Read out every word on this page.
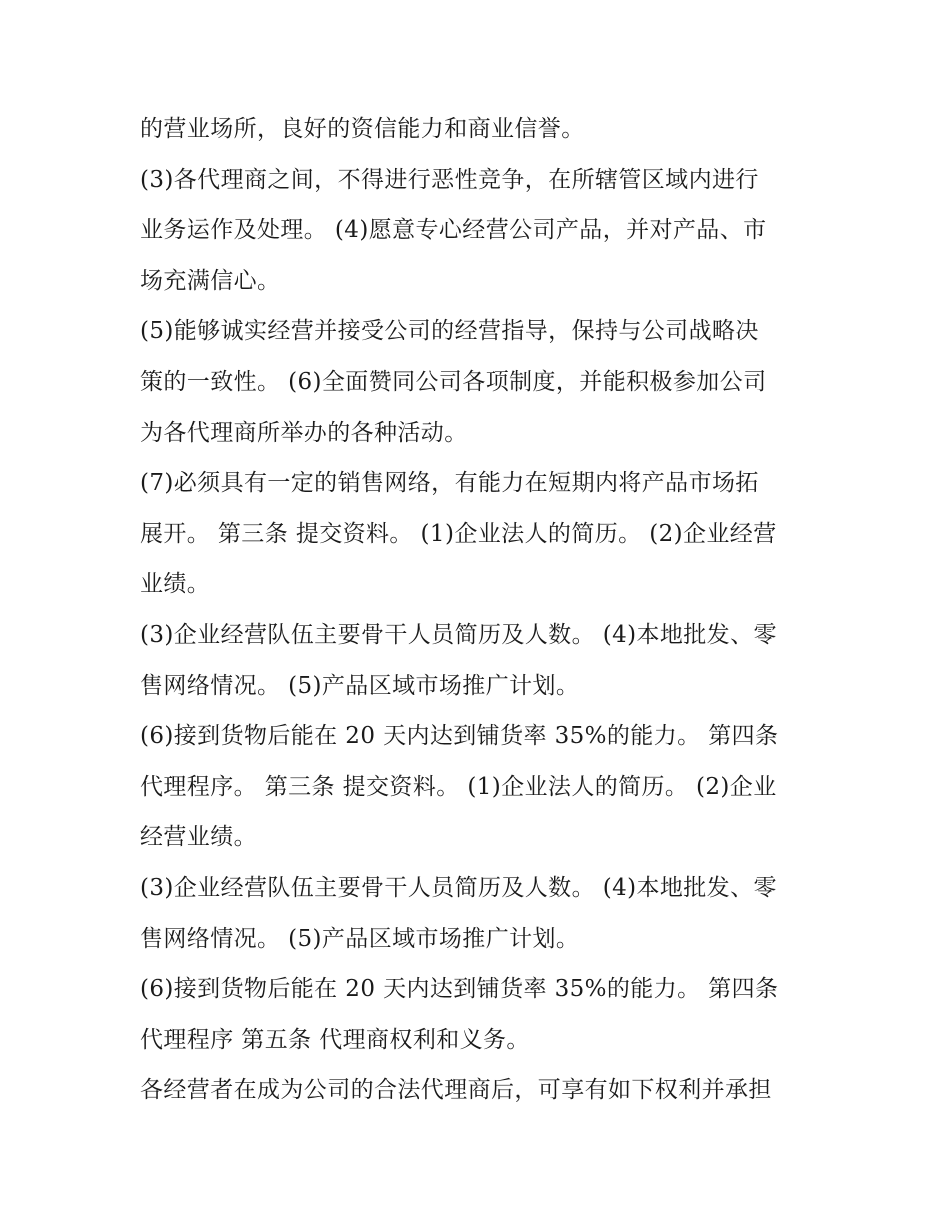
的营业场所，良好的资信能力和商业信誉。
(3)各代理商之间，不得进行恶性竞争，在所辖管区域内进行
业务运作及处理。 (4)愿意专心经营公司产品，并对产品、市
场充满信心。
(5)能够诚实经营并接受公司的经营指导，保持与公司战略决
策的一致性。 (6)全面赞同公司各项制度，并能积极参加公司
为各代理商所举办的各种活动。
(7)必须具有一定的销售网络，有能力在短期内将产品市场拓
展开。 第三条 提交资料。 (1)企业法人的简历。 (2)企业经营
业绩。
(3)企业经营队伍主要骨干人员简历及人数。 (4)本地批发、零
售网络情况。 (5)产品区域市场推广计划。
(6)接到货物后能在 20 天内达到铺货率 35%的能力。 第四条
代理程序。 第三条 提交资料。 (1)企业法人的简历。 (2)企业
经营业绩。
(3)企业经营队伍主要骨干人员简历及人数。 (4)本地批发、零
售网络情况。 (5)产品区域市场推广计划。
(6)接到货物后能在 20 天内达到铺货率 35%的能力。 第四条
代理程序 第五条 代理商权利和义务。
各经营者在成为公司的合法代理商后，可享有如下权利并承担
